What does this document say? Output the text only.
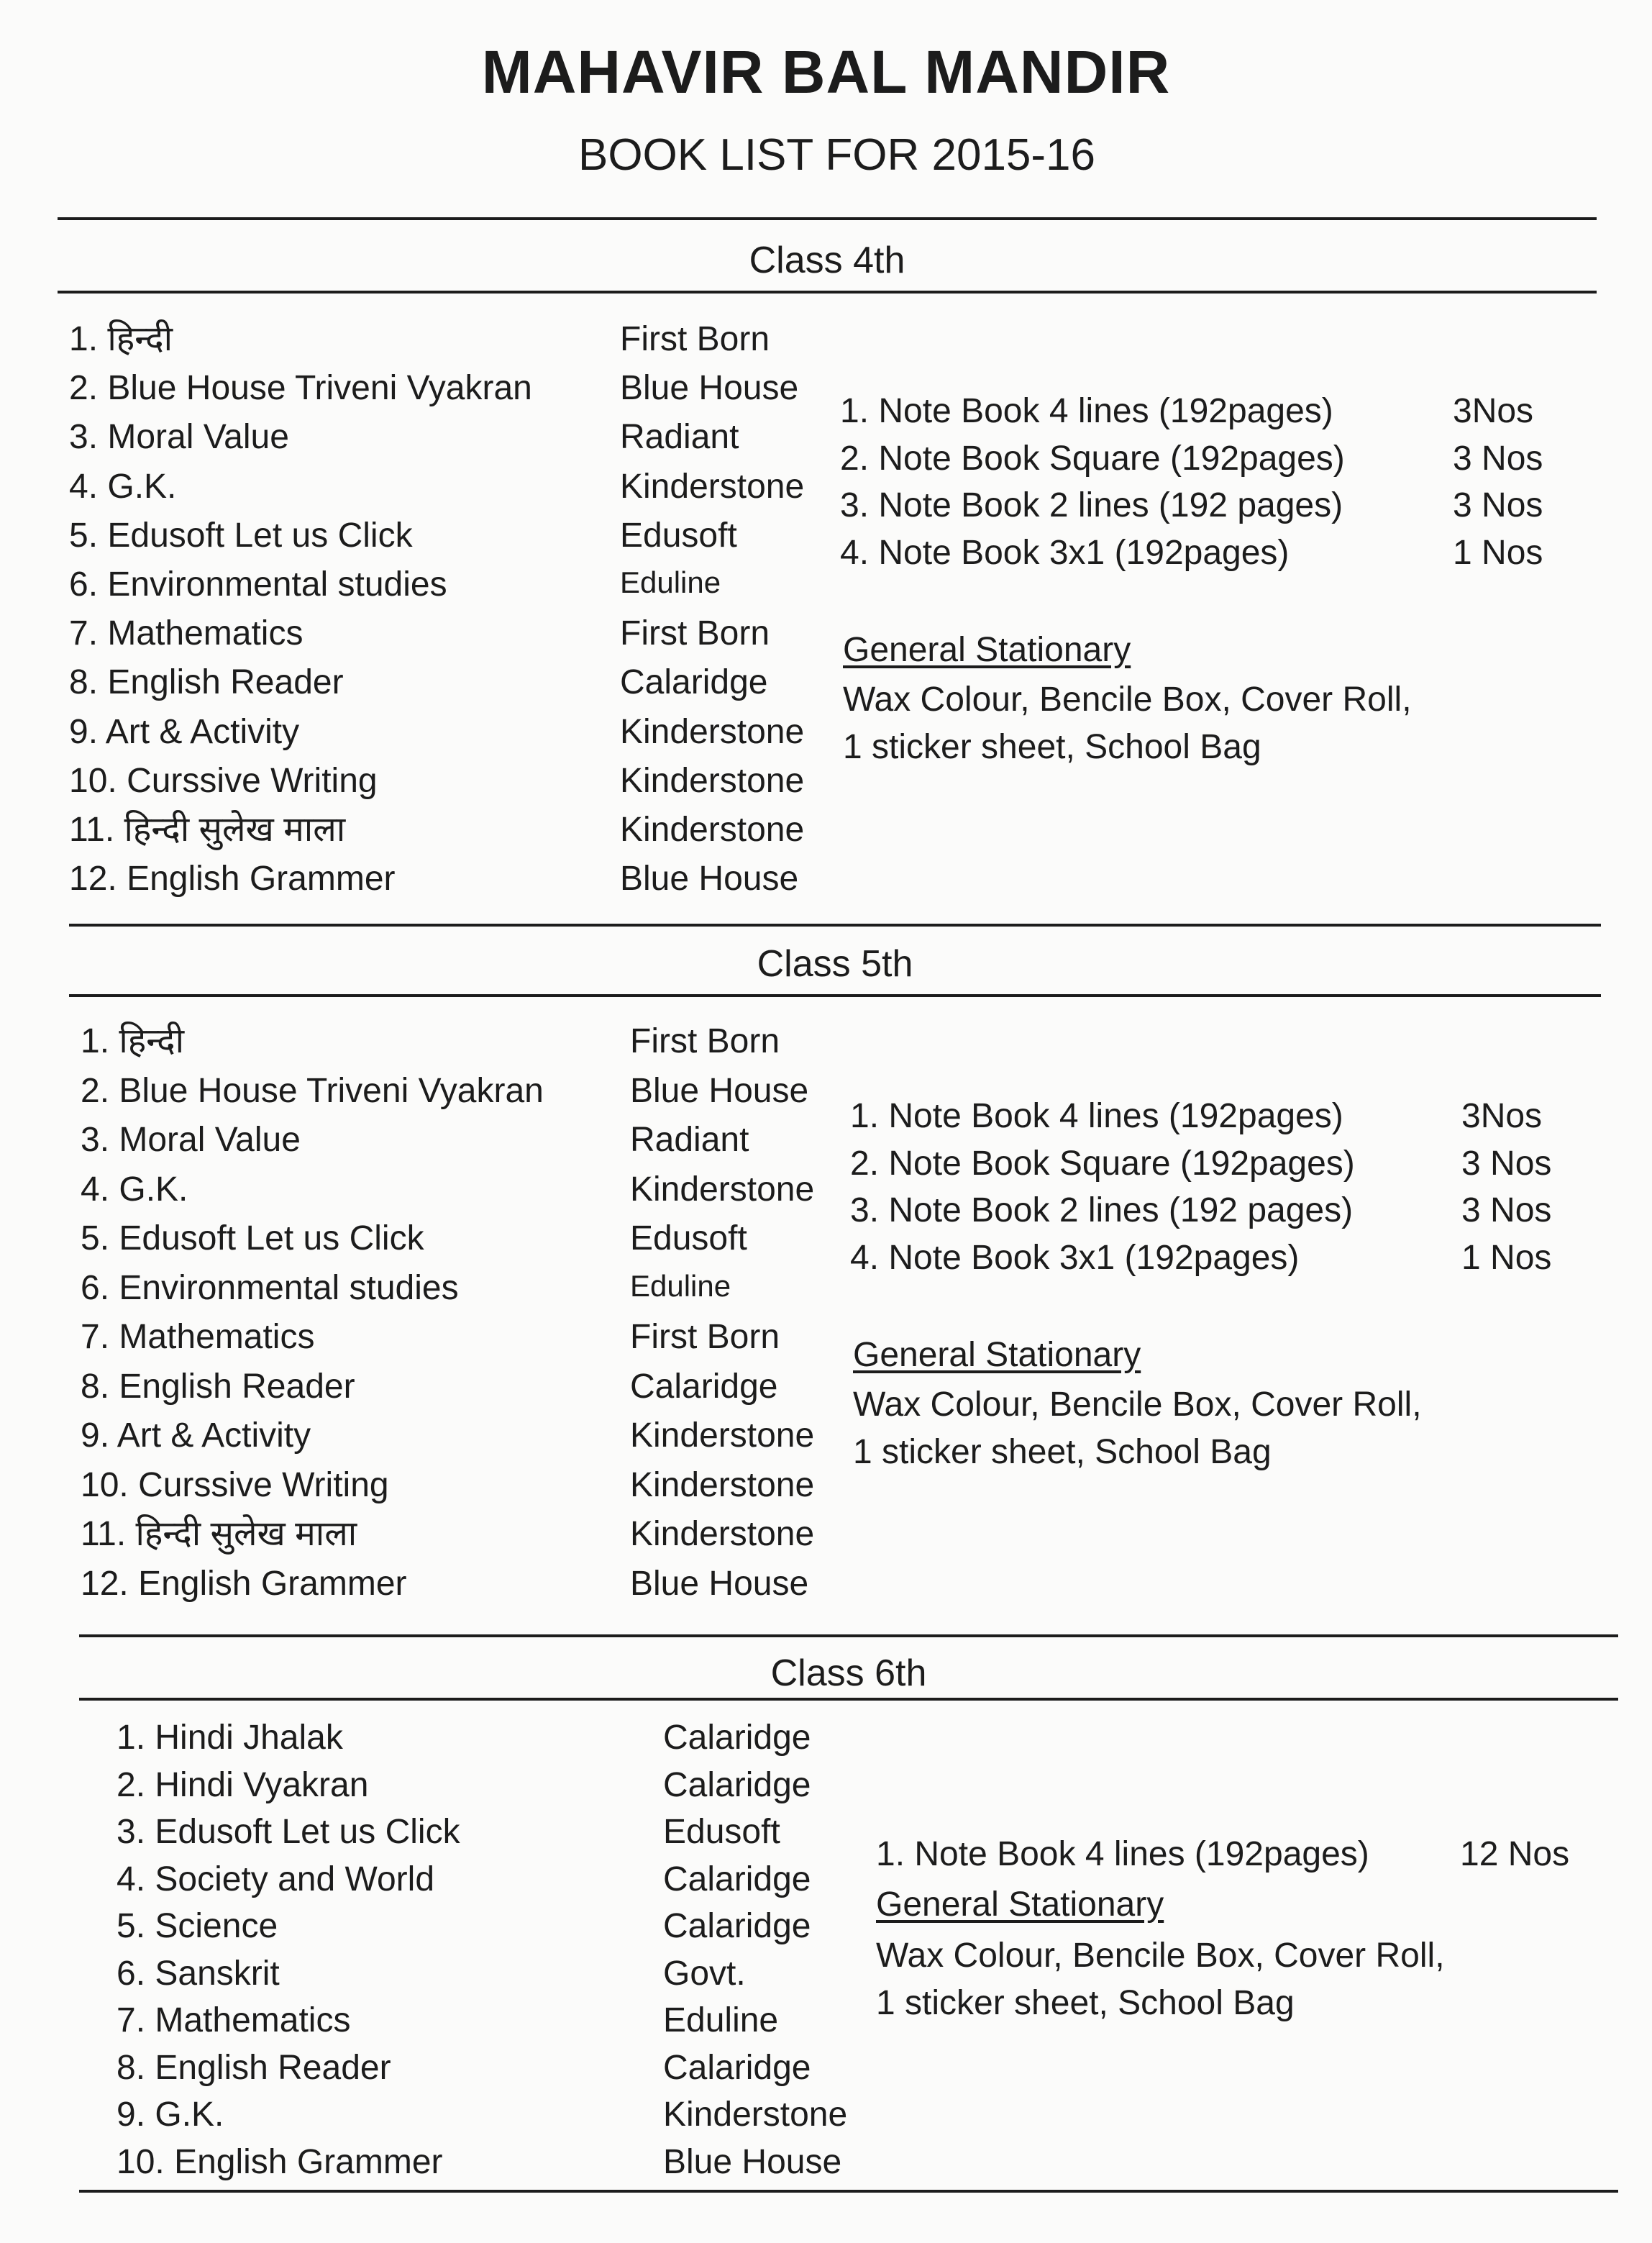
MAHAVIR BAL MANDIR
BOOK LIST FOR 2015-16
Class 4th
1. हिन्दी	First Born
2. Blue House Triveni Vyakran	Blue House
3. Moral Value	Radiant
4. G.K.	Kinderstone
5. Edusoft Let us Click	Edusoft
6. Environmental studies	Eduline
7. Mathematics	First Born
8. English Reader	Calaridge
9. Art & Activity	Kinderstone
10. Curssive Writing	Kinderstone
11. हिन्दी सुलेख माला	Kinderstone
12. English Grammer	Blue House
1. Note Book 4 lines (192pages)	3Nos
2. Note Book Square (192pages)	3 Nos
3. Note Book 2 lines (192 pages)	3 Nos
4. Note Book 3x1 (192pages)	1 Nos
General Stationary
Wax Colour, Bencile Box, Cover Roll,
1 sticker sheet, School Bag
Class 5th
1. हिन्दी	First Born
2. Blue House Triveni Vyakran	Blue House
3. Moral Value	Radiant
4. G.K.	Kinderstone
5. Edusoft Let us Click	Edusoft
6. Environmental studies	Eduline
7. Mathematics	First Born
8. English Reader	Calaridge
9. Art & Activity	Kinderstone
10. Curssive Writing	Kinderstone
11. हिन्दी सुलेख माला	Kinderstone
12. English Grammer	Blue House
1. Note Book 4 lines (192pages)	3Nos
2. Note Book Square (192pages)	3 Nos
3. Note Book 2 lines (192 pages)	3 Nos
4. Note Book 3x1 (192pages)	1 Nos
General Stationary
Wax Colour, Bencile Box, Cover Roll,
1 sticker sheet, School Bag
Class 6th
1. Hindi Jhalak	Calaridge
2. Hindi Vyakran	Calaridge
3. Edusoft Let us Click	Edusoft
4. Society and World	Calaridge
5. Science	Calaridge
6. Sanskrit	Govt.
7. Mathematics	Eduline
8. English Reader	Calaridge
9. G.K.	Kinderstone
10. English Grammer	Blue House
1. Note Book 4 lines (192pages)	12 Nos
General Stationary
Wax Colour, Bencile Box, Cover Roll,
1 sticker sheet, School Bag
